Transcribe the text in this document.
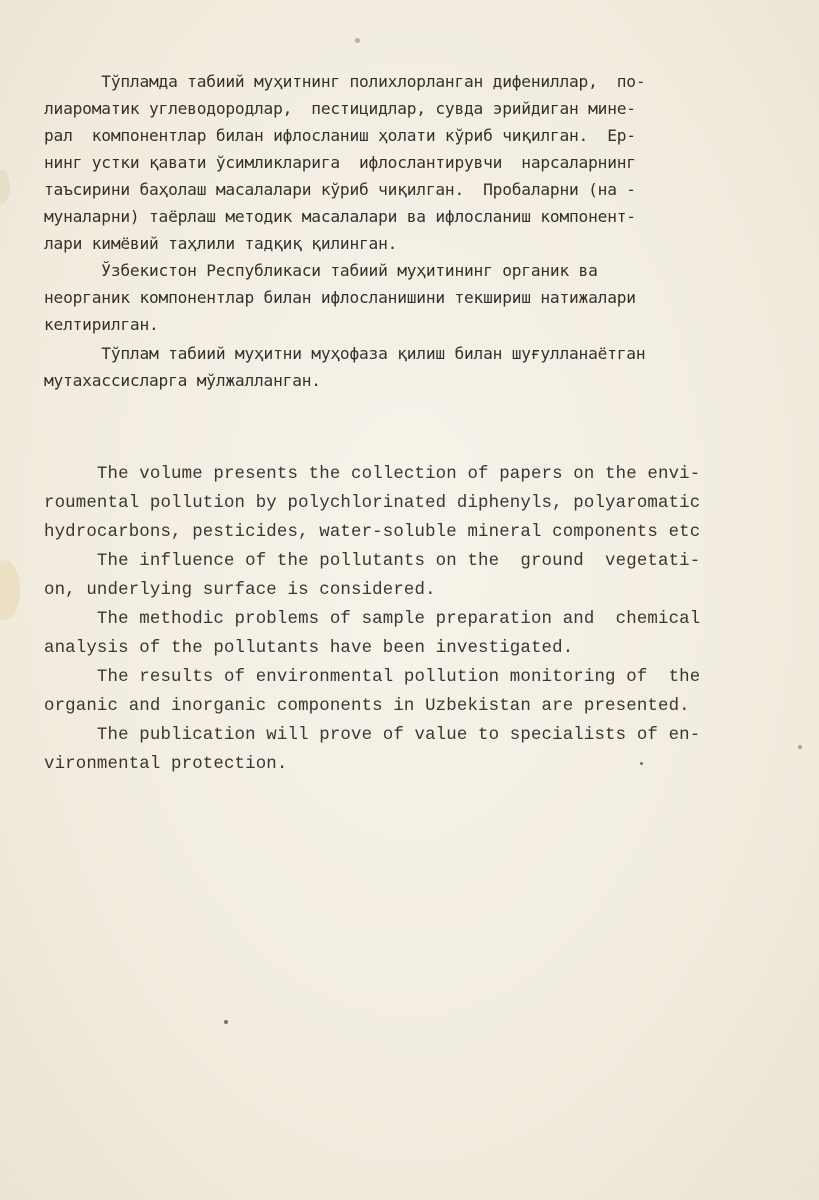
Тўпламда табиий муҳитнинг полихлорланган дифениллар,  по-
лиароматик углеводородлар,  пестицидлар, сувда эрийдиган мине-
рал  компонентлар билан ифлосланиш ҳолати кўриб чиқилган.  Ер-
нинг устки қавати ўсимликларига  ифлослантирувчи  нарсаларнинг
таъсирини баҳолаш масалалари кўриб чиқилган.  Пробаларни (на -
муналарни) таёрлаш методик масалалари ва ифлосланиш компонент-
лари кимёвий таҳлили тадқиқ қилинган.
Ўзбекистон Республикаси табиий муҳитининг органик ва
неорганик компонентлар билан ифлосланишини текшириш натижалари
келтирилган.
Тўплам табиий муҳитни муҳофаза қилиш билан шуғулланаётган
мутахассисларга мўлжалланган.
The volume presents the collection of papers on the envi-
roumental pollution by polychlorinated diphenyls, polyaromatic
hydrocarbons, pesticides, water-soluble mineral components etc
The influence of the pollutants on the  ground  vegetati-
on, underlying surface is considered.
The methodic problems of sample preparation and  chemical
analysis of the pollutants have been investigated.
The results of environmental pollution monitoring of  the
organic and inorganic components in Uzbekistan are presented.
The publication will prove of value to specialists of en-
vironmental protection.
